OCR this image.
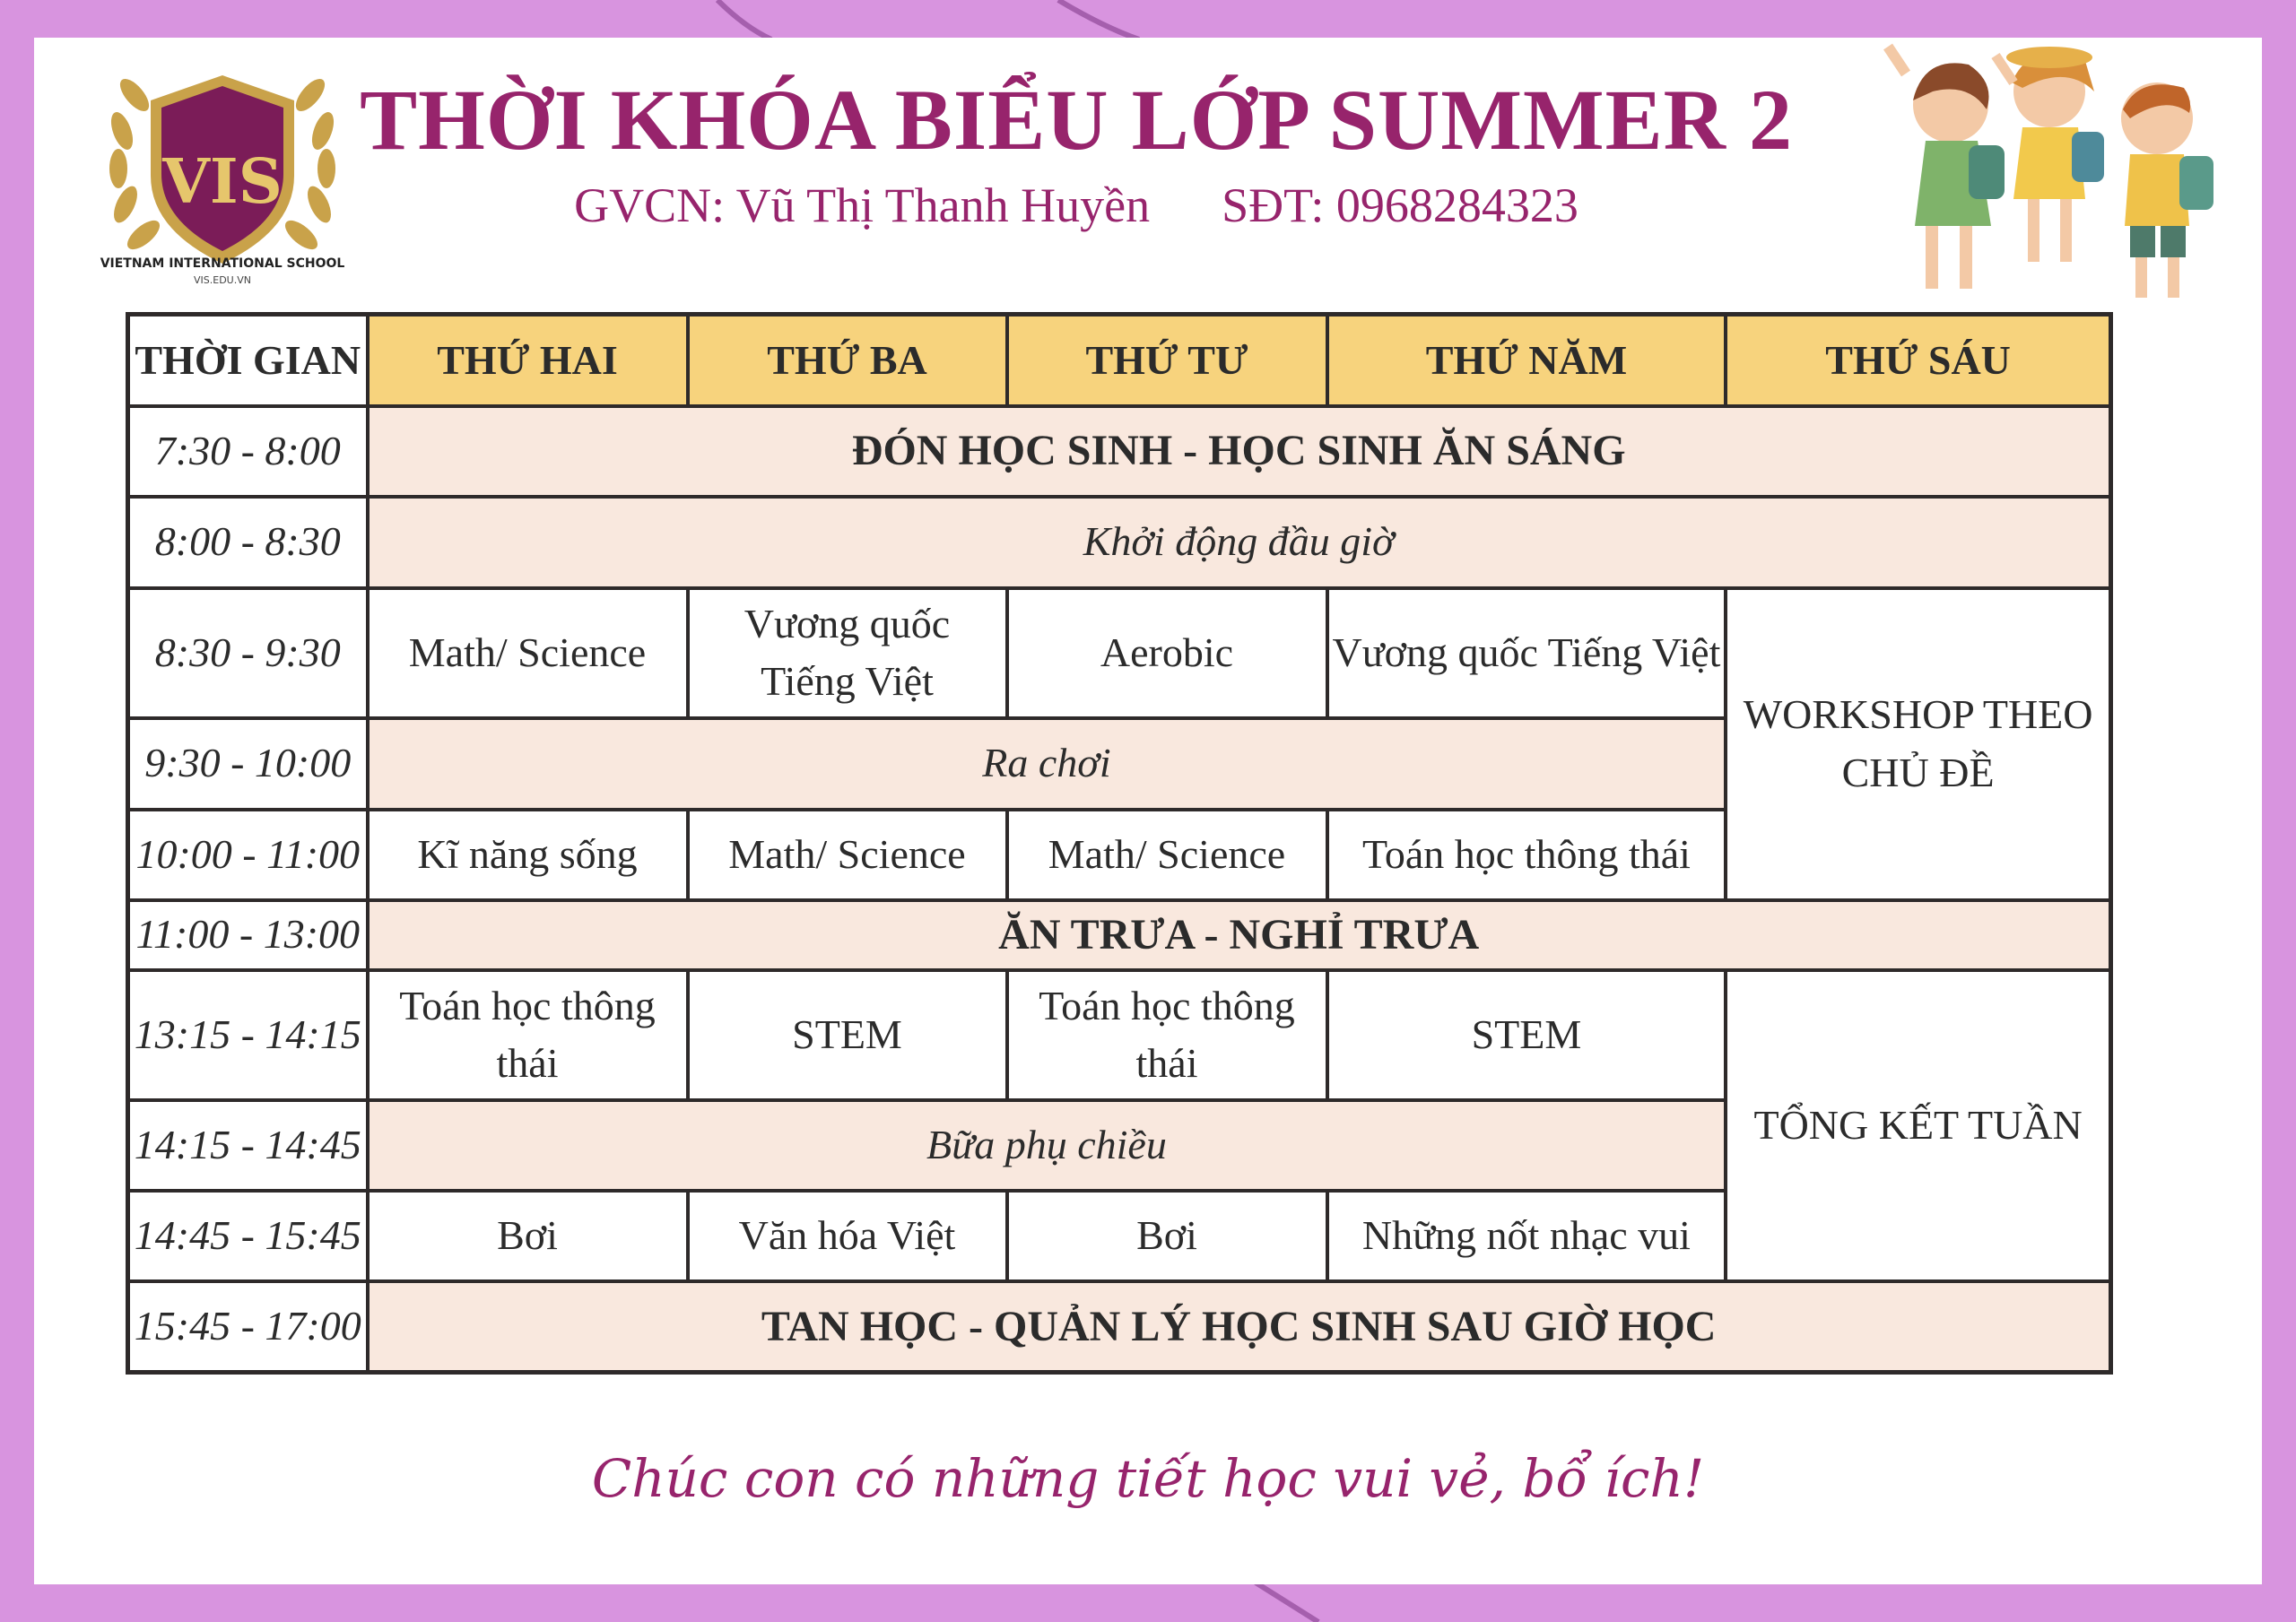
VIS
VIETNAM INTERNATIONAL SCHOOL
VIS.EDU.VN
THỜI KHÓA BIỂU LỚP SUMMER 2
GVCN: Vũ Thị Thanh Huyền SĐT: 0968284323
THỜI GIAN	THỨ HAI	THỨ BA	THỨ TƯ	THỨ NĂM	THỨ SÁU
7:30 - 8:00	ĐÓN HỌC SINH - HỌC SINH ĂN SÁNG				
8:00 - 8:30	Khởi động đầu giờ				
8:30 - 9:30	Math/ Science	Vương quốc Tiếng Việt	Aerobic	Vương quốc Tiếng Việt	WORKSHOP THEO CHỦ ĐỀ
9:30 - 10:00	Ra chơi				
10:00 - 11:00	Kĩ năng sống	Math/ Science	Math/ Science	Toán học thông thái	
11:00 - 13:00	ĂN TRƯA - NGHỈ TRƯA				
13:15 - 14:15	Toán học thông thái	STEM	Toán học thông thái	STEM	TỔNG KẾT TUẦN
14:15 - 14:45	Bữa phụ chiều				
14:45 - 15:45	Bơi	Văn hóa Việt	Bơi	Những nốt nhạc vui	
15:45 - 17:00	TAN HỌC - QUẢN LÝ HỌC SINH SAU GIỜ HỌC				
Chúc con có những tiết học vui vẻ, bổ ích!
